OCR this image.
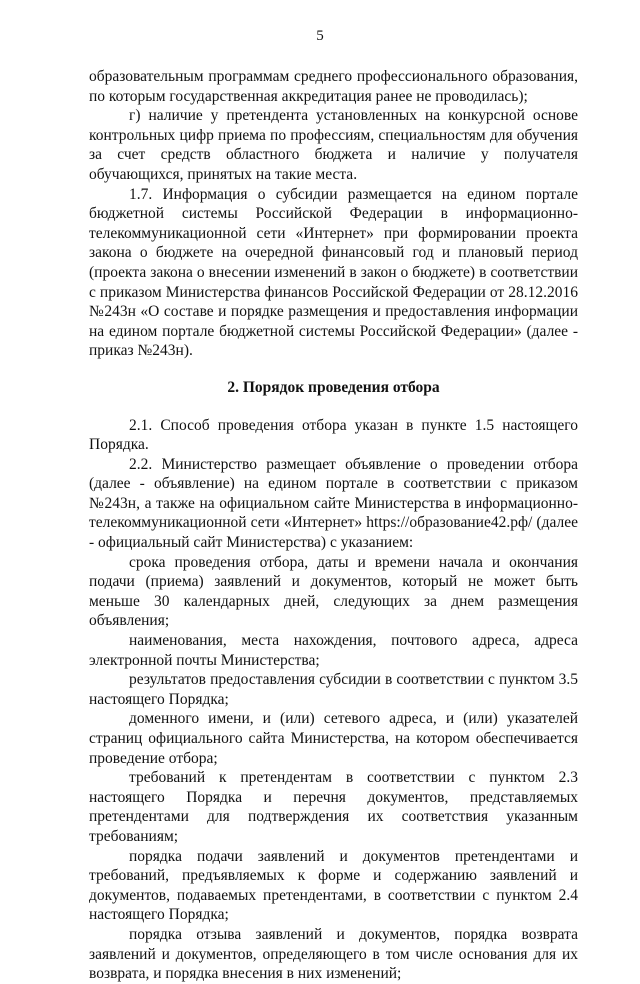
5

образовательным программам среднего профессионального образования, по которым государственная аккредитация ранее не проводилась);

г) наличие у претендента установленных на конкурсной основе контрольных цифр приема по профессиям, специальностям для обучения за счет средств областного бюджета и наличие у получателя обучающихся, принятых на такие места.

1.7. Информация о субсидии размещается на едином портале бюджетной системы Российской Федерации в информационно-телекоммуникационной сети «Интернет» при формировании проекта закона о бюджете на очередной финансовый год и плановый период (проекта закона о внесении изменений в закон о бюджете) в соответствии с приказом Министерства финансов Российской Федерации от 28.12.2016 №243н «О составе и порядке размещения и предоставления информации на едином портале бюджетной системы Российской Федерации» (далее - приказ №243н).

2. Порядок проведения отбора

2.1. Способ проведения отбора указан в пункте 1.5 настоящего Порядка.

2.2. Министерство размещает объявление о проведении отбора (далее - объявление) на едином портале в соответствии с приказом №243н, а также на официальном сайте Министерства в информационно-телекоммуникационной сети «Интернет» https://образование42.рф/ (далее - официальный сайт Министерства) с указанием:

срока проведения отбора, даты и времени начала и окончания подачи (приема) заявлений и документов, который не может быть меньше 30 календарных дней, следующих за днем размещения объявления;

наименования, места нахождения, почтового адреса, адреса электронной почты Министерства;

результатов предоставления субсидии в соответствии с пунктом 3.5 настоящего Порядка;

доменного имени, и (или) сетевого адреса, и (или) указателей страниц официального сайта Министерства, на котором обеспечивается проведение отбора;

требований к претендентам в соответствии с пунктом 2.3 настоящего Порядка и перечня документов, представляемых претендентами для подтверждения их соответствия указанным требованиям;

порядка подачи заявлений и документов претендентами и требований, предъявляемых к форме и содержанию заявлений и документов, подаваемых претендентами, в соответствии с пунктом 2.4 настоящего Порядка;

порядка отзыва заявлений и документов, порядка возврата заявлений и документов, определяющего в том числе основания для их возврата, и порядка внесения в них изменений;
